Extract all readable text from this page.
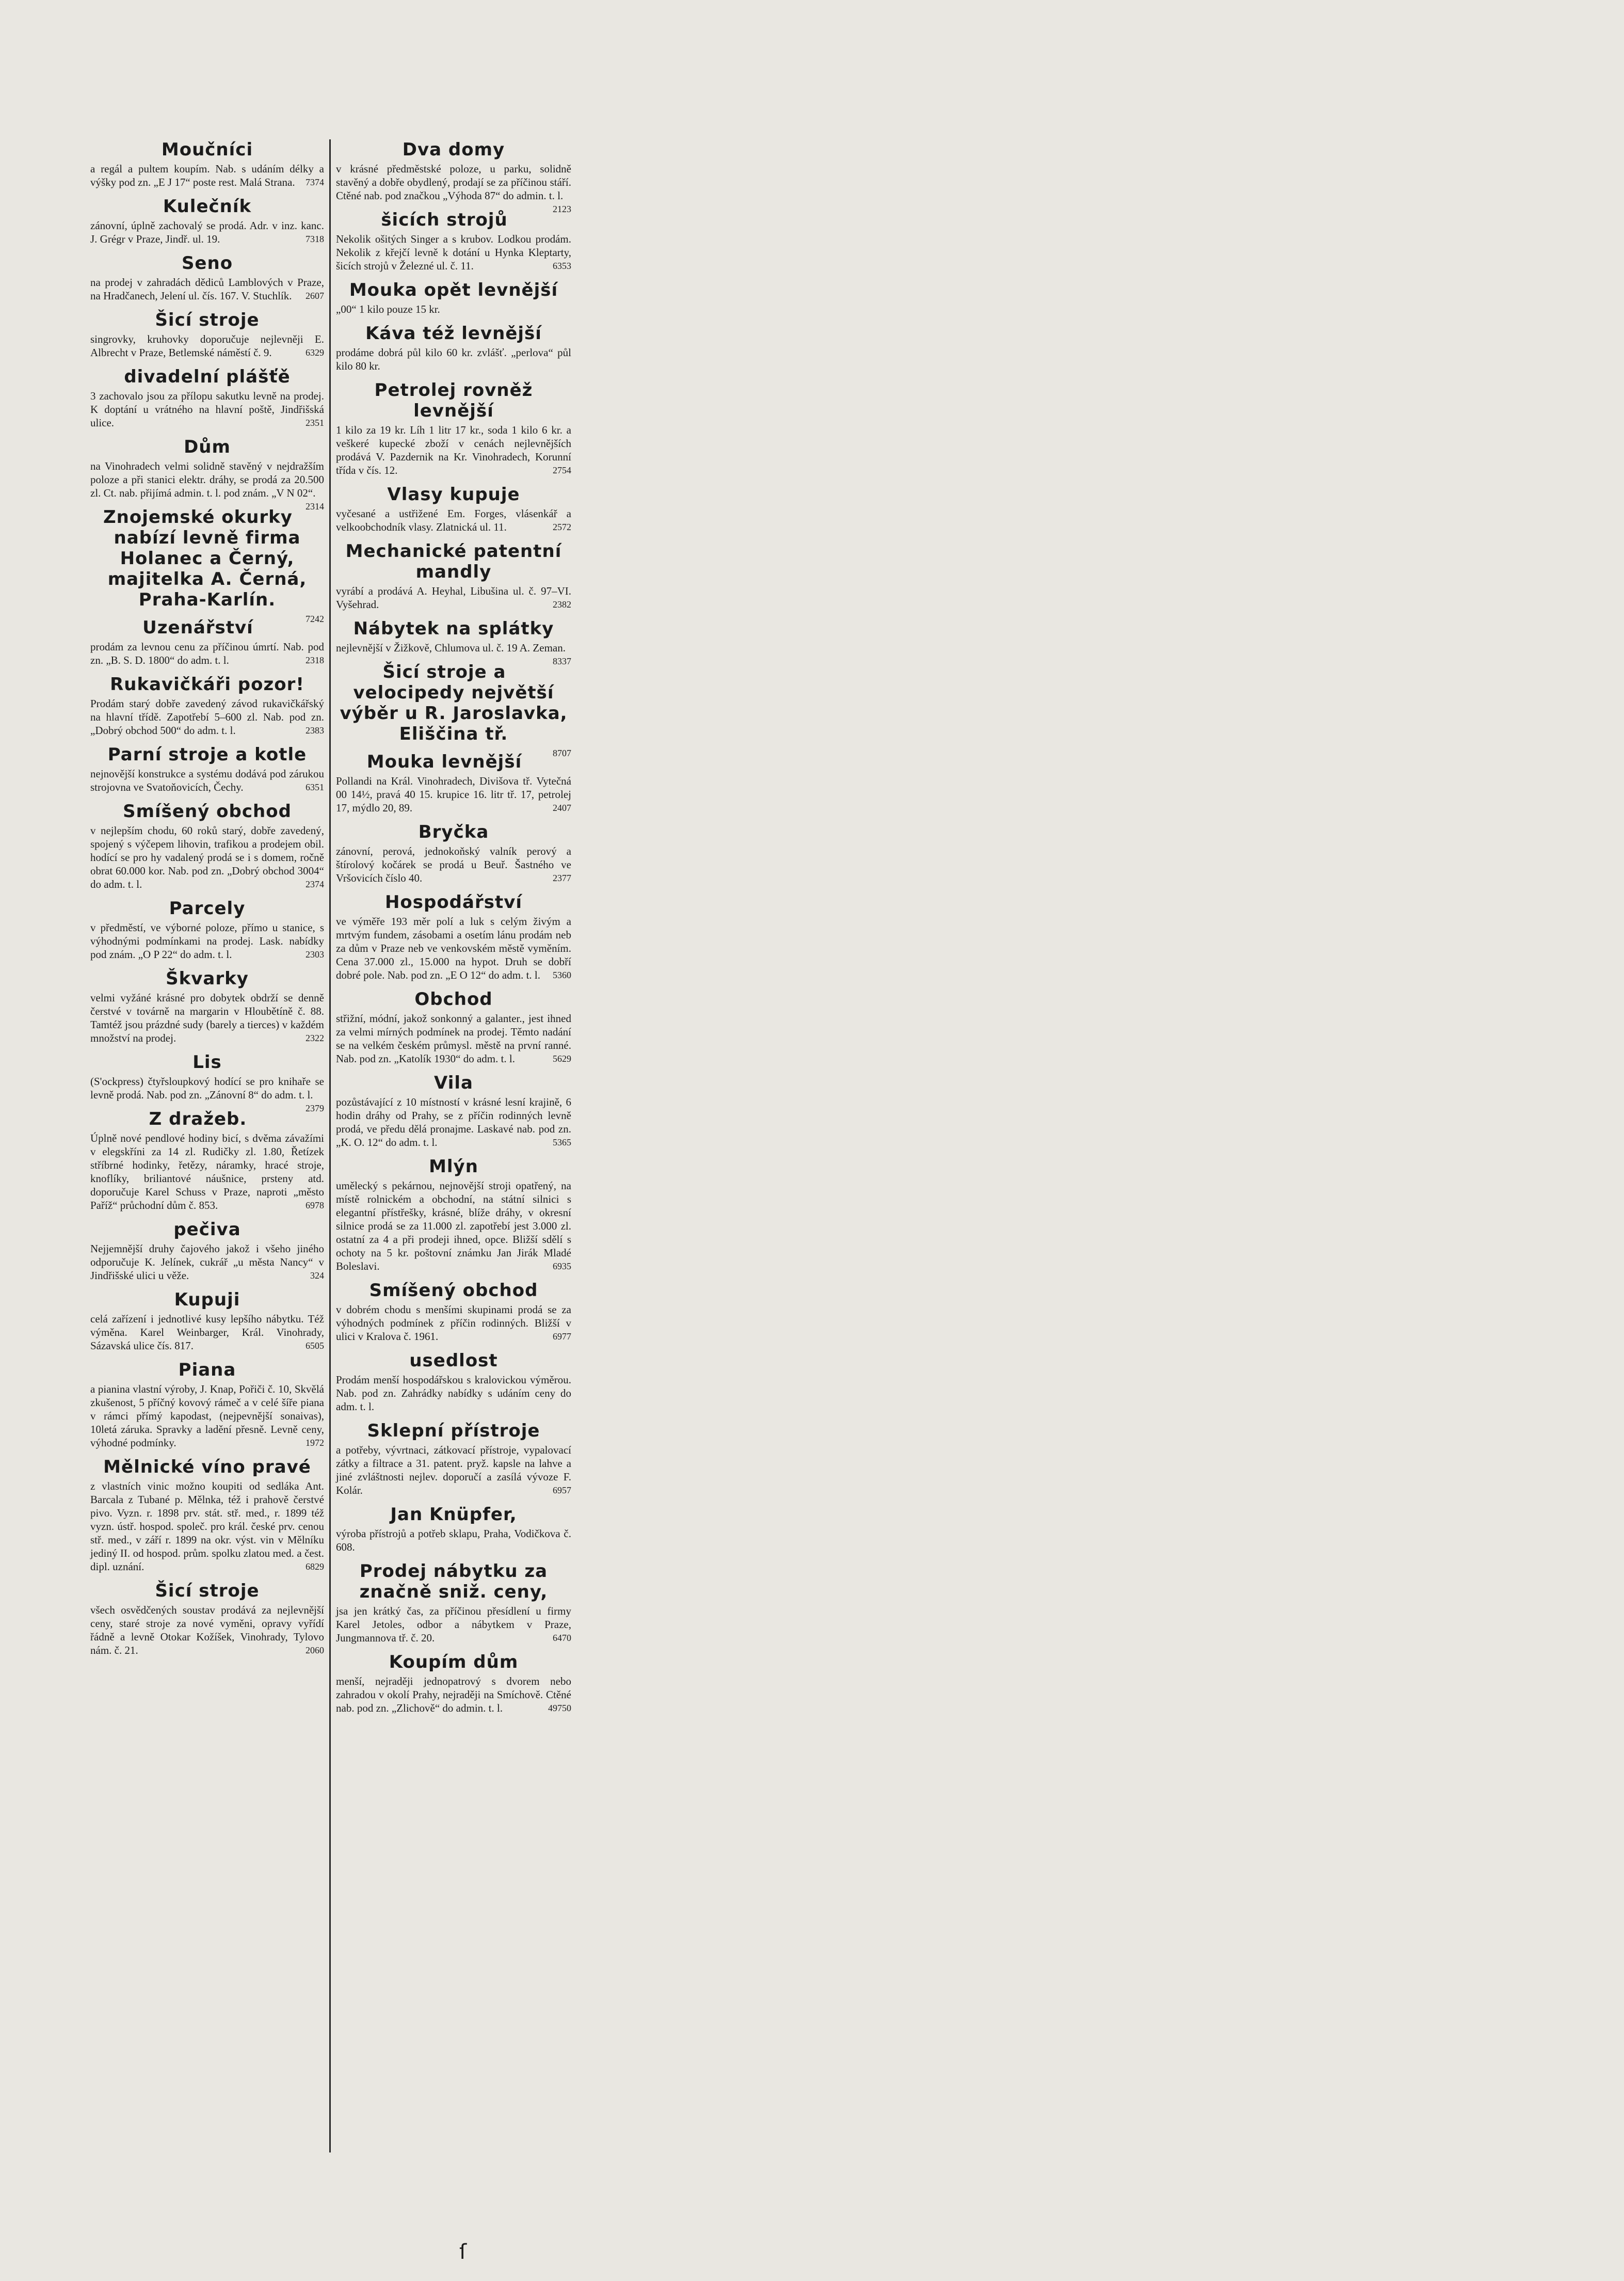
Moučníci

a regál a pultem koupím. Nab. s udáním délky a výšky pod zn. „E J 17“ poste rest. Malá Strana. 7374

Kulečník

zánovní, úplně zachovalý se prodá. Adr. v inz. kanc. J. Grégr v Praze, Jindř. ul. 19.	7318

Seno

na prodej v zahradách dědiců Lamblových v Praze, na Hradčanech, Jelení ul. čís. 167. V. Stuchlík. 2607

Šicí stroje

singrovky, kruhovky doporučuje nejlevněji E. Albrecht v Praze, Betlemské náměstí č. 9.	6329

divadelní plášťě

3 zachovalo jsou za přílopu sakutku levně na prodej. K doptání u vrátného na hlavní poště, Jindřišská ulice.	2351

Dům

na Vinohradech velmi solidně stavěný v nejdražším poloze a při stanici elektr. dráhy, se prodá za 20.500 zl. Ct. nab. přijímá admin. t. l. pod znám. „V N 02“.
2314

Znojemské okurky nabízí levně firma Holanec a Černý, majitelka A. Černá, Praha-Karlín.

7242

Uzenářství

prodám za levnou cenu za příčinou úmrtí. Nab. pod zn. „B. S. D. 1800“ do adm. t. l.	2318

Rukavičkáři pozor!

Prodám starý dobře zavedený závod rukavičkářský na hlavní třídě. Zapotřebí 5–600 zl. Nab. pod zn. „Dobrý obchod 500“ do adm. t. l.	2383

Parní stroje a kotle

nejnovější konstrukce a systému dodává pod zárukou strojovna ve Svatoňovicích, Čechy.	6351

Smíšený obchod

v nejlepším chodu, 60 roků starý, dobře zavedený, spojený s výčepem lihovin, trafikou a prodejem obil. hodící se pro hy vadalený prodá se i s domem, ročně obrat 60.000 kor. Nab. pod zn. „Dobrý obchod 3004“ do adm. t. l.	2374

Parcely

v předměstí, ve výborné poloze, přímo u stanice, s výhodnými podmínkami na prodej. Lask. nabídky pod znám. „O P 22“ do adm. t. l.	2303

Škvarky

velmi vyžáné krásné pro dobytek obdrží se denně čerstvé v továrně na margarin v Hloubětíně č. 88. Tamtéž jsou prázdné sudy (barely a tierces) v každém množství na prodej.	2322

Lis

(S'ockpress) čtyřsloupkový hodící se pro knihaře se levně prodá. Nab. pod zn. „Zánovní 8“ do adm. t. l.
2379

Z dražeb.

Úplně nové pendlové hodiny bicí, s dvěma závažími v elegskříni za 14 zl. Rudičky zl. 1.80, Řetízek stříbrné hodinky, řetězy, náramky, hracé stroje, knoflíky, briliantové náušnice, prsteny atd. doporučuje Karel Schuss v Praze, naproti „město Paříž“ průchodní dům č. 853.	6978

pečiva

Nejjemnější druhy čajového jakož i všeho jiného odporučuje K. Jelínek, cukrář „u města Nancy“ v Jindřišské ulici u věže.	324

Kupuji

celá zařízení i jednotlivé kusy lepšího nábytku. Též výměna. Karel Weinbarger, Král. Vinohrady, Sázavská ulice čís. 817.	6505

Piana

a pianina vlastní výroby, J. Knap, Pořiči č. 10, Skvělá zkušenost, 5 příčný kovový rámeč a v celé šíře piana v rámci přímý kapodast, (nejpevnější sonaivas), 10letá záruka. Spravky a ladění přesně. Levně ceny, výhodné podmínky.	1972

Mělnické víno pravé

z vlastních vinic možno koupiti od sedláka Ant. Barcala z Tubané p. Mělnka, též i prahově čerstvé pivo. Vyzn. r. 1898 prv. stát. stř. med., r. 1899 též vyzn. ústř. hospod. společ. pro král. české prv. cenou stř. med., v září r. 1899 na okr. výst. vin v Mělníku jediný II. od hospod. prům. spolku zlatou med. a čest. dipl. uznání.	6829

Šicí stroje

všech osvědčených soustav prodává za nejlevnější ceny, staré stroje za nové vyměni, opravy vyřídí řádně a levně Otokar Kožíšek, Vinohrady, Tylovo nám. č. 21.	2060

Dva domy

v krásné předměstské poloze, u parku, solidně stavěný a dobře obydlený, prodají se za příčinou stáří. Ctěné nab. pod značkou „Výhoda 87“ do admin. t. l.
2123

šicích strojů

Nekolik ošitých Singer a s krubov. Lodkou prodám. Nekolik z křejčí levně k dotání u Hynka Kleptarty, šicích strojů v Železné ul. č. 11.	6353

Mouka opět levnější

„00“ 1 kilo pouze 15 kr.

Káva též levnější

prodáme dobrá půl kilo 60 kr. zvlášť. „perlova“ půl kilo 80 kr.

Petrolej rovněž levnější

1 kilo za 19 kr. Líh 1 litr 17 kr., soda 1 kilo 6 kr. a veškeré kupecké zboží v cenách nejlevnějších prodává V. Pazdernik na Kr. Vinohradech, Korunní třída v čís. 12.	2754

Vlasy kupuje

vyčesané a ustřižené Em. Forges, vlásenkář a velkoobchodník vlasy. Zlatnická ul. 11.	2572

Mechanické patentní mandly

vyrábí a prodává A. Heyhal, Libušina ul. č. 97–VI. Vyšehrad.	2382

Nábytek na splátky

nejlevnější v Žižkově, Chlumova ul. č. 19 A. Zeman.
8337

Šicí stroje a velocipedy největší výběr u R. Jaroslavka, Eliščina tř.

8707

Mouka levnější

Pollandi na Král. Vinohradech, Divišova tř. Vytečná 00 14½, pravá 40 15. krupice 16. litr tř. 17, petrolej 17, mýdlo 20, 89.	2407

Bryčka

zánovní, perová, jednokoňský valník perový a štírolový kočárek se prodá u Beuř. Šastného ve Vršovicích číslo 40.	2377

Hospodářství

ve výměře 193 měr polí a luk s celým živým a mrtvým fundem, zásobami a osetím lánu prodám neb za dům v Praze neb ve venkovském městě vyměním. Cena 37.000 zl., 15.000 na hypot. Druh se dobří dobré pole. Nab. pod zn. „E O 12“ do adm. t. l. 5360

Obchod

střižní, módní, jakož sonkonný a galanter., jest ihned za velmi mírných podmínek na prodej. Těmto nadání se na velkém českém průmysl. městě na první ranné. Nab. pod zn. „Katolík 1930“ do adm. t. l.	5629

Vila

pozůstávající z 10 místností v krásné lesní krajině, 6 hodin dráhy od Prahy, se z příčin rodinných levně prodá, ve předu dělá pronajme. Laskavé nab. pod zn. „K. O. 12“ do adm. t. l.	5365

Mlýn

umělecký s pekárnou, nejnovější stroji opatřený, na místě rolnickém a obchodní, na státní silnici s elegantní přístřešky, krásné, blíže dráhy, v okresní silnice prodá se za 11.000 zl. zapotřebí jest 3.000 zl. ostatní za 4 a při prodeji ihned, opce. Bližší sdělí s ochoty na 5 kr. poštovní známku Jan Jirák Mladé Boleslavi.	6935

Smíšený obchod

v dobrém chodu s menšími skupinami prodá se za výhodných podmínek z příčin rodinných. Bližší v ulici v Kralova č. 1961.	6977

usedlost

Prodám menší hospodářskou s kralovickou výměrou. Nab. pod zn. Zahrádky nabídky s udáním ceny do adm. t. l.

Sklepní přístroje

a potřeby, vývrtnaci, zátkovací přístroje, vypalovací zátky a filtrace a 31. patent. pryž. kapsle na lahve a jiné zvláštnosti nejlev. doporučí a zasílá vývoze F. Kolár.	6957

Jan Knüpfer,

výroba přístrojů a potřeb sklapu, Praha, Vodičkova č. 608.

Prodej nábytku za značně sniž. ceny,

jsa jen krátký čas, za příčinou přesídlení u firmy Karel Jetoles, odbor a nábytkem v Praze, Jungmannova tř. č. 20.	6470

Koupím dům

menší, nejraději jednopatrový s dvorem nebo zahradou v okolí Prahy, nejraději na Smíchově. Ctěné nab. pod zn. „Zlichově“ do admin. t. l.	49750

ſ
